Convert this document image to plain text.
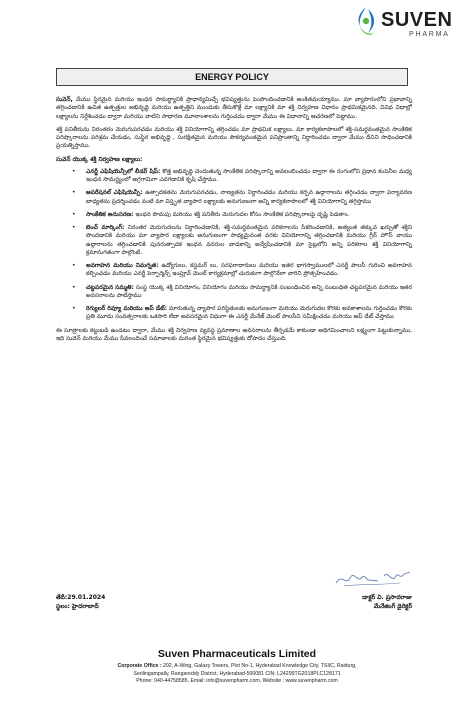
SUVEN
PHARMA
ENERGY POLICY

సువెన్, మేము స్థిరమైన మరియు ఇంధన సామర్థ్యానికి ప్రాధాన్యమిచ్చే భవిష్యత్తును పెంపొందించడానికి అంకితమయ్యాము. మా వ్యాపారంలోని ప్రభావాన్ని తగ్గించడానికి ఉచిత ఉత్పత్తుల అభివృద్ధి మరియు ఉత్పత్తిని ముందుకు తీసుకొళ్లే మా లక్ష్యానికి మా శక్తి నిర్వహణ విధానం ప్రాథమికమైనది. వివిధ విధాల్లో లక్ష్యాలను నిర్దేశించడం ద్వారా మరియు వాటిని సాధారణ మూలాంశాలను గుర్తించడం ద్వారా మేము ఈ విధానాన్ని ఆచరణలో పెట్టాము.

శక్తి పనితీరును నిరంతరం మెరుగుపరచడం మరియు శక్తి వినియోగాన్ని తగ్గించడం మా ప్రాథమిక లక్ష్యాలు. మా కార్యకలాపాలలో శక్తి-సమర్థవంతమైన సాంకేతిక పరిష్కారాలను పరిశ్రమ చేయడం, సుస్థిర అభివృద్ధి , సురక్షితమైన మరియు సౌకర్యవంతమైన పనిప్రాంతాన్ని నిర్ధారించడం ద్వారా మేము దీనిని సాధించడానికి ప్రయత్నిస్తాము.

సువెన్ యొక్క శక్తి నిర్వహణ లక్ష్యాలు:
• ఎనర్జీ ఎఫిషియెన్సీలో లీడర్ షిప్: కొత్త అభివృద్ధి చెందుతున్న సాంకేతిక పరిష్కారాన్ని అవలంబించడం ద్వారా ఈ రంగంలోని ప్రధాన కంపెనీల మధ్య ఇంధన సామర్థ్యంలో అగ్రగామిగా ఎదగడానికి కృషి చేస్తాము.
• ఆపరేషనల్ ఎఫిషియెన్సీ: ఉత్పాదకతను మెరుగుపరచడం, నాణ్యతను నిర్ధారించడం మరియు కర్బన ఉద్గారాలను తగ్గించడం ద్వారా పర్యావరణ బాధ్యతను ప్రదర్శించడం వంటి మా విస్తృత వ్యాపార లక్ష్యాలకు అనుగుణంగా అన్ని కార్యకలాపాలలో శక్తి వినియోగాన్ని తగ్గిస్తాము
• సాంకేతిక అనుసరణ: ఇంధన పొదుపు మరియు శక్తి పనితీరు మెరుగుదల కోసం సాంకేతిక పరిష్కారాలపై దృష్టి పెడతాం.
• బెంచ్ మార్కింగ్: నిరంతర మెరుగుదలను నిర్ధారించడానికి, శక్తి-సమర్థవంతమైన పరికరాలను సేకరించడానికి, అత్యంత తక్కువ ఖర్చుతో శక్తిని పొందడానికి మరియు మా వ్యాపార లక్ష్యాలకు అనుగుణంగా సాధ్యమైనంత వరకు వినియోగాన్ని తగ్గించడానికి మరియు గ్రీన్ హౌస్ వాయు ఉద్గారాలను తగ్గించడానికి పునరుత్పాదక ఇంధన వనరుల వాడకాన్ని అన్వేషించడానికి మా సైట్లలోని అన్ని పరికరాల శక్తి వినియోగాన్ని క్రమానుగతంగా పాల్గొంటి.
• అవగాహన మరియు నిమగ్నత: ఉద్యోగులు, కస్టమర్ లు, సరఫరాదారులు మరియు ఇతర భాగస్వాములలో ఎనర్జీ పాలసీ గురించి అవగాహన కల్పించడం మరియు ఎనర్జీ పెర్ఫార్మెన్స్ ఇంప్రూవ్ మెంట్ కార్యక్రమాల్లో చురుకుగా పాల్గొనేలా వారిని ప్రోత్సహించడం.
• చట్టపరమైన సమ్మతి: సంస్థ యొక్క శక్తి వినియోగం, వినియోగం మరియు సామర్థ్యానికి సంబంధించిన అన్ని సంబంధిత చట్టపరమైన మరియు ఇతర అవసరాలను పాటిస్తాము
• రెగ్యులర్ రివ్యూ మరియు అప్ డేట్: మారుతున్న వ్యాపార పరిస్థితులకు అనుగుణంగా మరియు మెరుగుదల కొరకు అవకాశాలను గుర్తించడం కొరకు ప్రతి మూడు సంవత్సరాలకు ఒకసారి లేదా అవసరమైన విధంగా ఈ ఎనర్జీ మేనేజ్ మెంట్ పాలసీని సమీక్షించడం మరియు అప్ డేట్ చేస్తాము

ఈ సూత్రాలకు కట్టుబడి ఉండటం ద్వారా, మేము శక్తి నిర్వహణ వ్యవస్థ ప్రమాణాల అవసరాలను తీర్చడమే కాకుండా అధిగమించాలని లక్ష్యంగా పెట్టుకున్నాము, ఇది సువెన్ మరియు మేము సేవలందించే సమాజాలకు మరింత స్థిరమైన భవిష్యత్తుకు దోహదం చేస్తుంది.

తేదీ:29.01.2024
స్థలం: హైదరాబాద్
డాక్టర్ వి. ప్రసాదరాజు
మేనేజింగ్ డైరెక్టర్
Suven Pharmaceuticals Limited
Corporate Office : 202, A-Wing, Galaxy Towers, Plot No-1, Hyderabad Knowledge City, TSIIC, Raidurg,
Serilingampally, Rangareddy District, Hyderabad-500081 CIN: L24299TG2018PLC128171
Phone: 040-44758585, Email: info@suvenpharm.com, Website : www.suvenpharm.com
